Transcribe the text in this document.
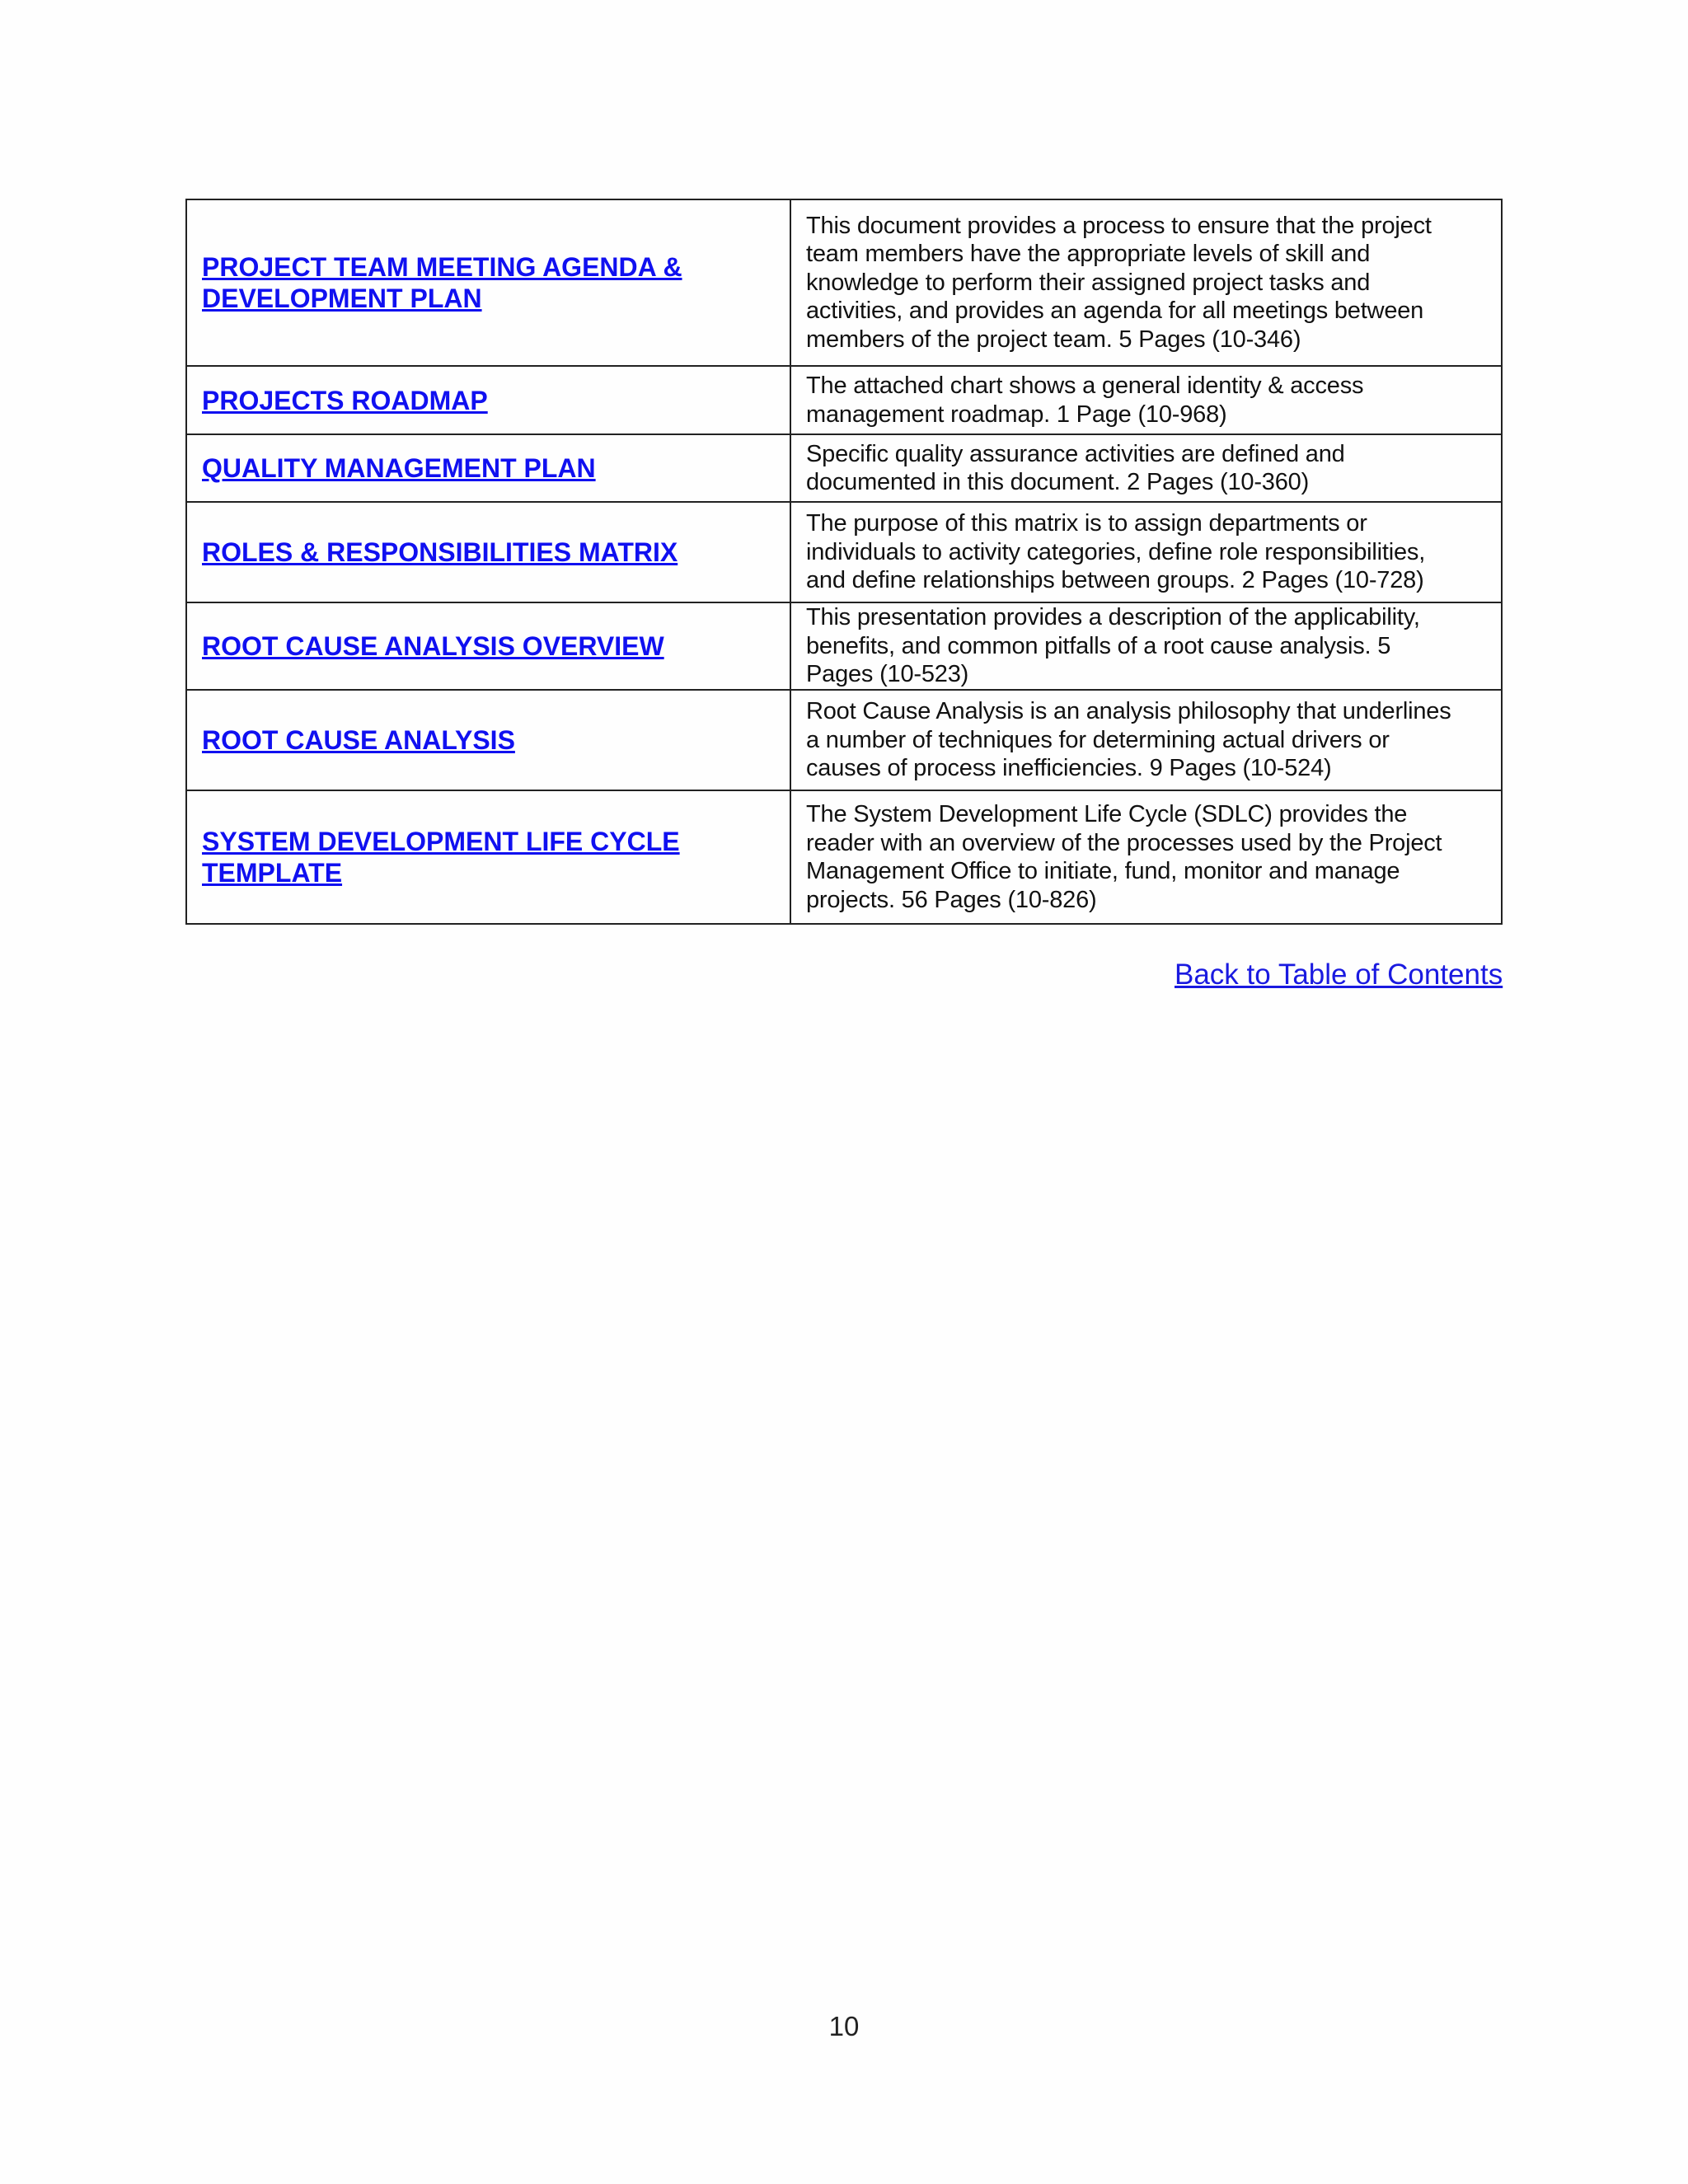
PROJECT TEAM MEETING AGENDA &
DEVELOPMENT PLAN	This document provides a process to ensure that the project
team members have the appropriate levels of skill and
knowledge to perform their assigned project tasks and
activities, and provides an agenda for all meetings between
members of the project team. 5 Pages (10-346)

PROJECTS ROADMAP	The attached chart shows a general identity & access
management roadmap. 1 Page (10-968)

QUALITY MANAGEMENT PLAN	Specific quality assurance activities are defined and
documented in this document. 2 Pages (10-360)

ROLES & RESPONSIBILITIES MATRIX	The purpose of this matrix is to assign departments or
individuals to activity categories, define role responsibilities,
and define relationships between groups. 2 Pages (10-728)

ROOT CAUSE ANALYSIS OVERVIEW	This presentation provides a description of the applicability,
benefits, and common pitfalls of a root cause analysis. 5
Pages (10-523)

ROOT CAUSE ANALYSIS	Root Cause Analysis is an analysis philosophy that underlines
a number of techniques for determining actual drivers or
causes of process inefficiencies. 9 Pages (10-524)

SYSTEM DEVELOPMENT LIFE CYCLE
TEMPLATE	The System Development Life Cycle (SDLC) provides the
reader with an overview of the processes used by the Project
Management Office to initiate, fund, monitor and manage
projects. 56 Pages (10-826)
Back to Table of Contents
10
